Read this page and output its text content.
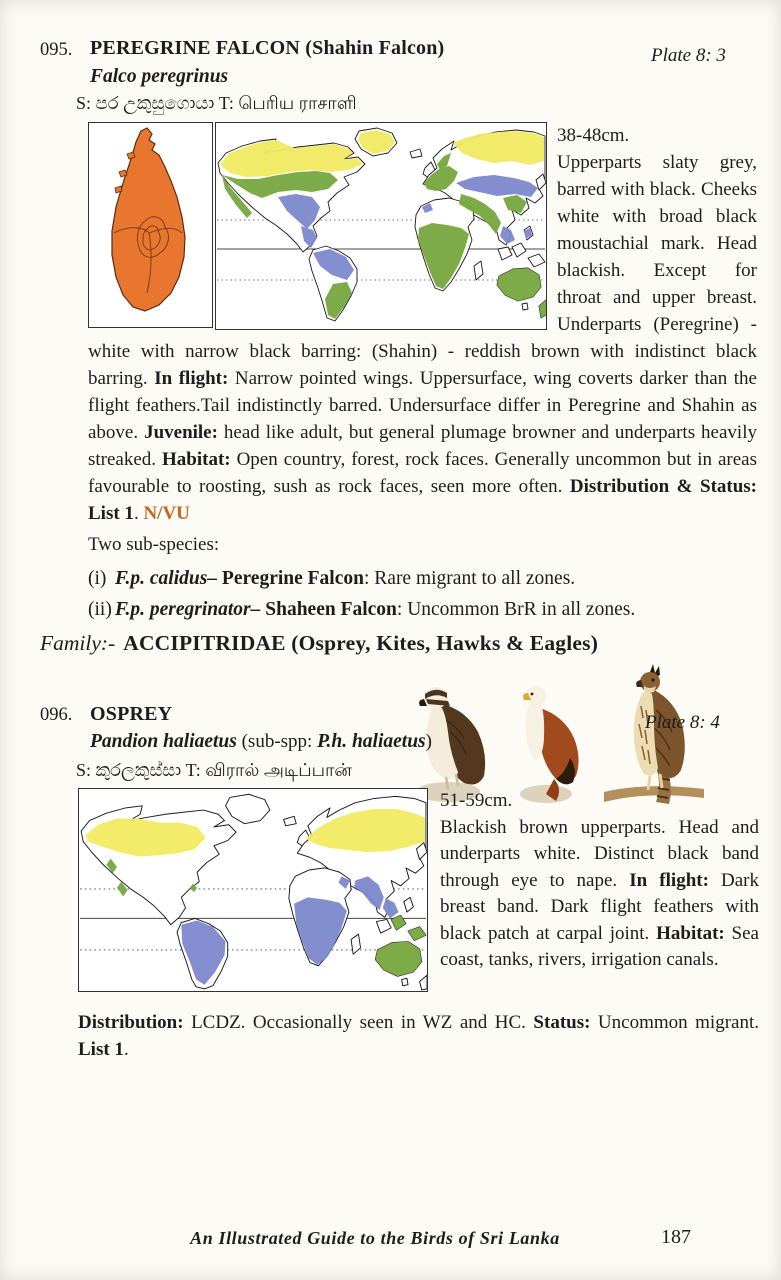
095. PEREGRINE FALCON (Shahin Falcon)	Plate 8: 3
Falco peregrinus
S: පර උකුසුගොයා T: பெரிய ராசாளி

38-48cm.

Upperparts slaty grey, barred with black. Cheeks white with broad black moustachial mark. Head blackish. Except for throat and upper breast. Underparts (Peregrine) - white with narrow black barring: (Shahin) - reddish brown with indistinct black barring. In flight: Narrow pointed wings. Uppersurface, wing coverts darker than the flight feathers.Tail indistinctly barred. Undersurface differ in Peregrine and Shahin as above. Juvenile: head like adult, but general plumage browner and underparts heavily streaked. Habitat: Open country, forest, rock faces. Generally uncommon but in areas favourable to roosting, sush as rock faces, seen more often. Distribution & Status: List 1. N/VU

Two sub-species:

(i) F.p. calidus– Peregrine Falcon: Rare migrant to all zones.

(ii) F.p. peregrinator– Shaheen Falcon: Uncommon BrR in all zones.

Family:- ACCIPITRIDAE (Osprey, Kites, Hawks & Eagles)
096. OSPREY	Plate 8: 4
Pandion haliaetus (sub-spp: P.h. haliaetus)
S: කුරලකුස්සා T: விரால் அடிப்பான்

51-59cm.

Blackish brown upperparts. Head and underparts white. Distinct black band through eye to nape. In flight: Dark breast band. Dark flight feathers with black patch at carpal joint. Habitat: Sea coast, tanks, rivers, irrigation canals.

Distribution: LCDZ. Occasionally seen in WZ and HC. Status: Uncommon migrant. List 1.

An Illustrated Guide to the Birds of Sri Lanka	187
